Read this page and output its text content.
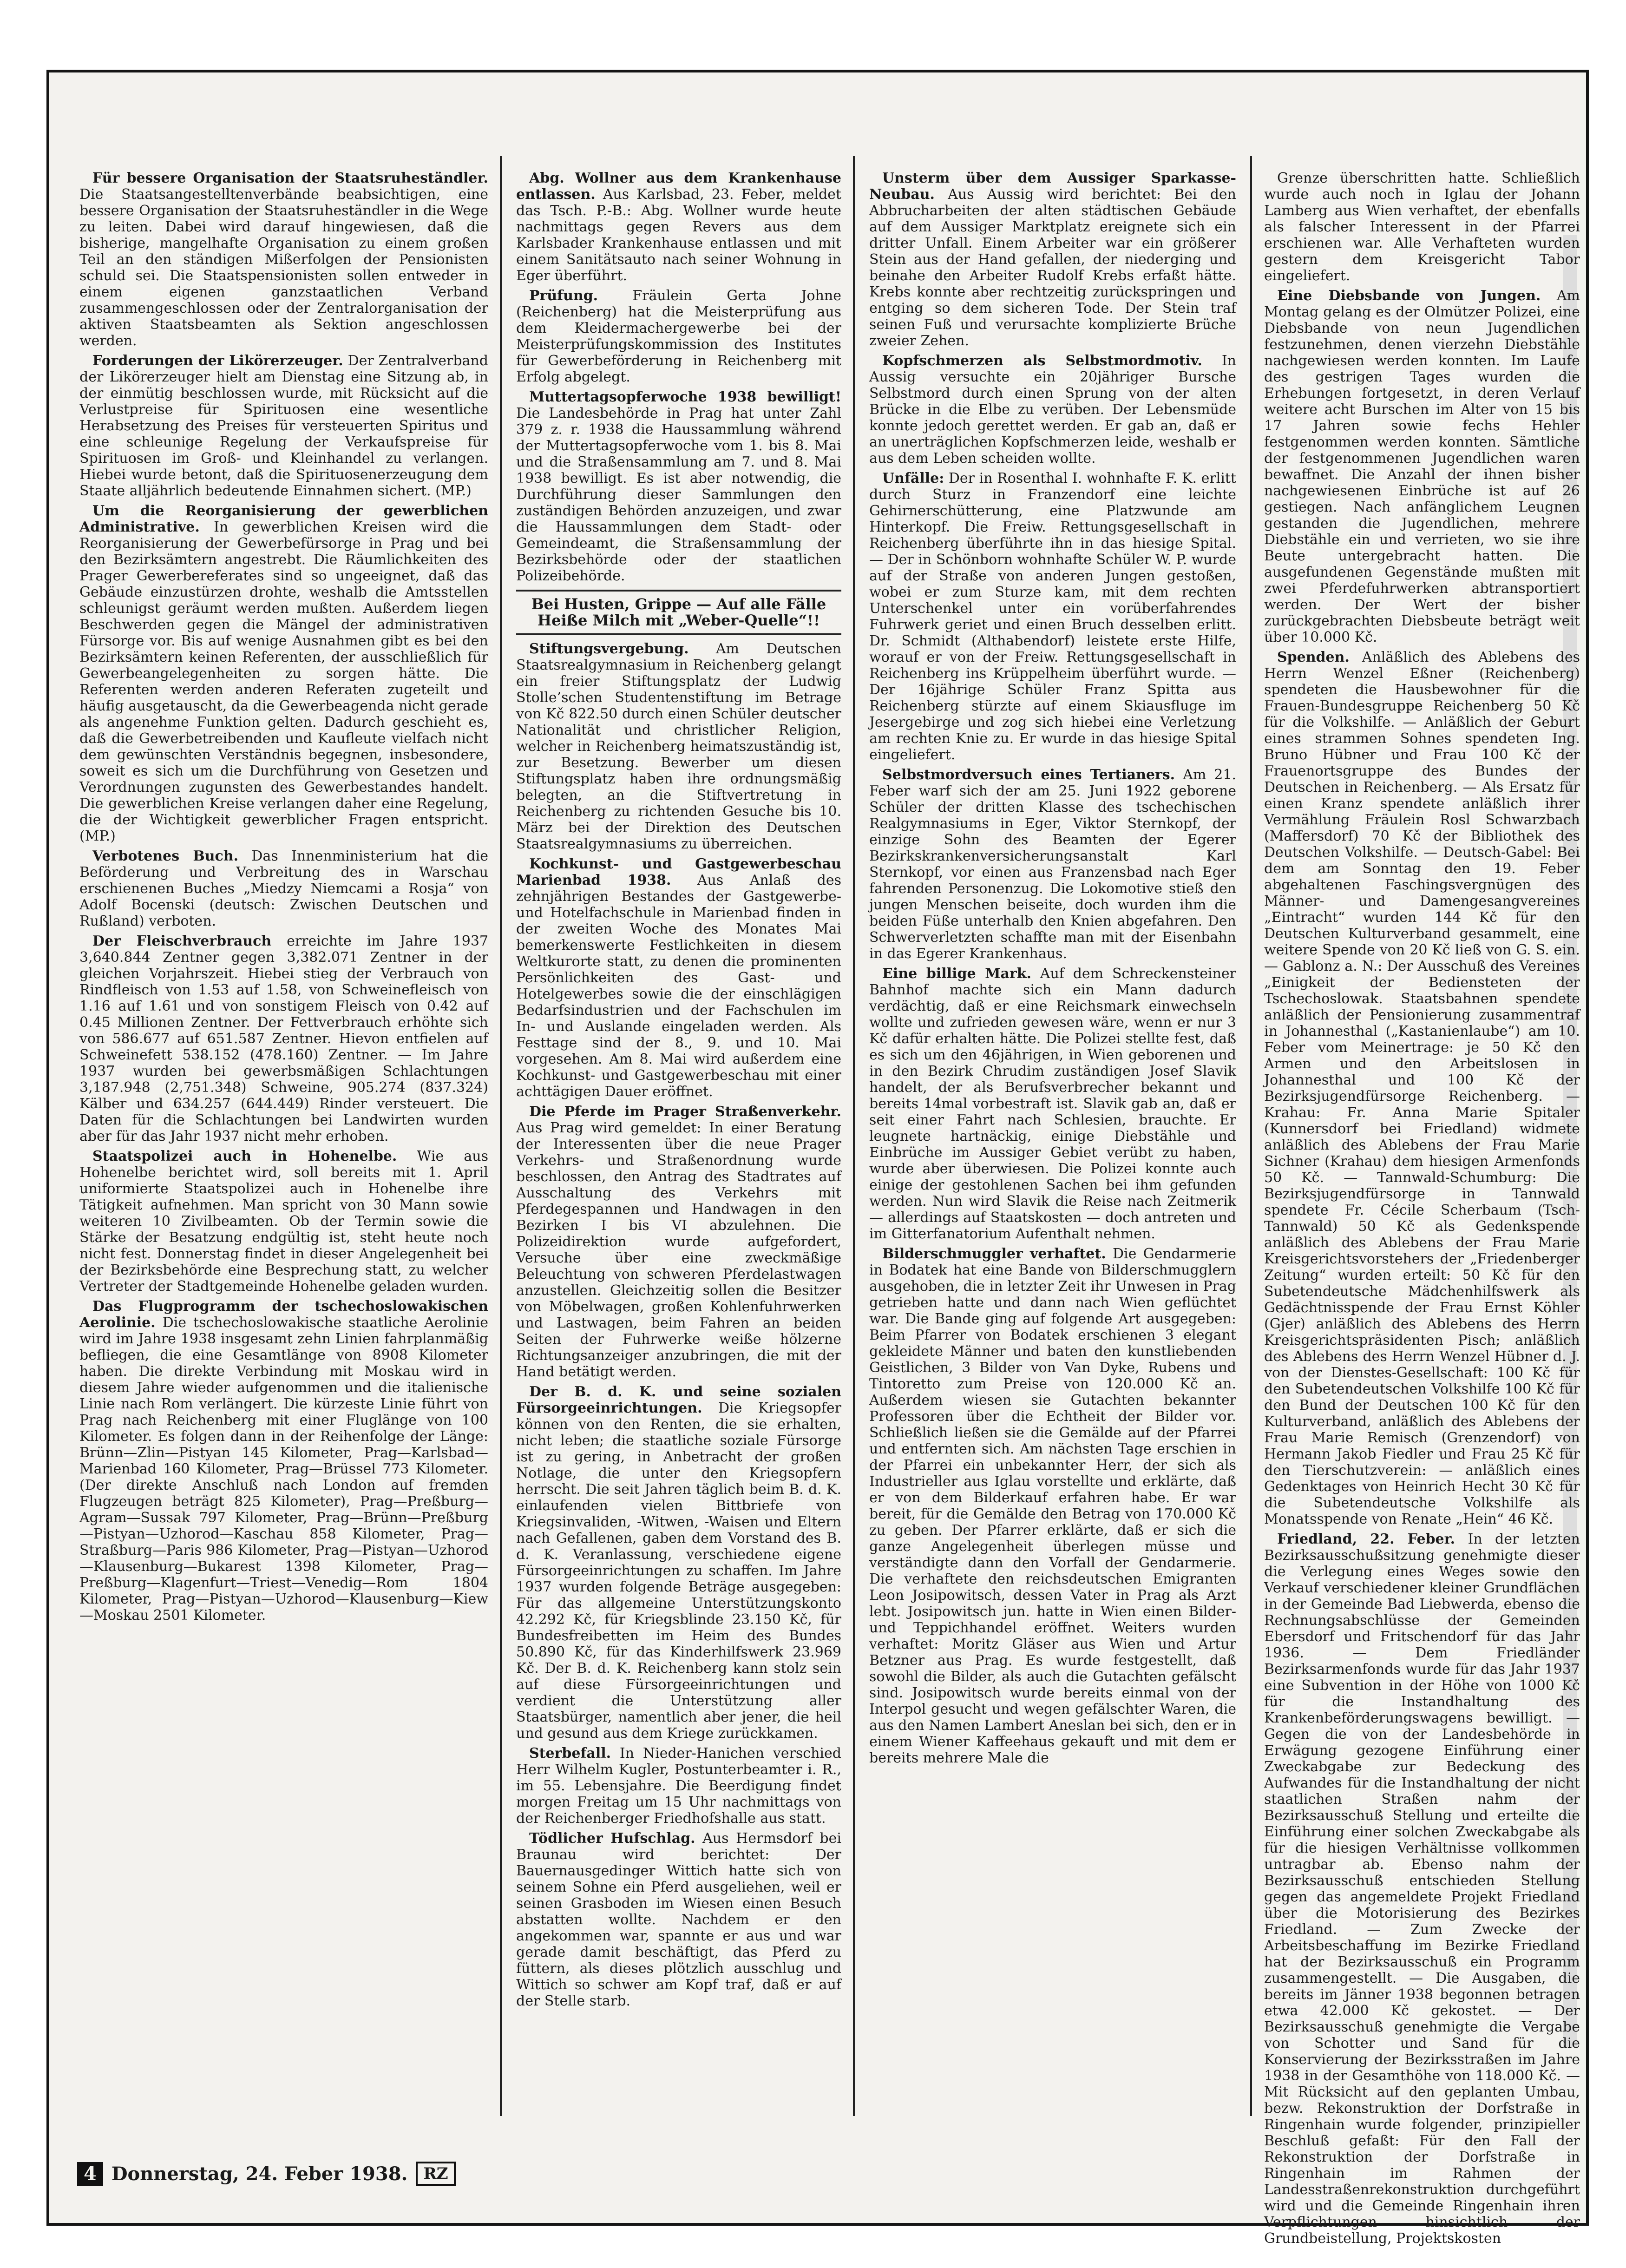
Für bessere Organisation der Staatsruheständler. Die Staatsangestelltenverbände beabsichtigen, eine bessere Organisation der Staatsruheständler in die Wege zu leiten. Dabei wird darauf hingewiesen, daß die bisherige, mangelhafte Organisation zu einem großen Teil an den ständigen Mißerfolgen der Pensionisten schuld sei. Die Staatspensionisten sollen entweder in einem eigenen ganzstaatlichen Verband zusammengeschlossen oder der Zentralorganisation der aktiven Staatsbeamten als Sektion angeschlossen werden.

Forderungen der Likörerzeuger. Der Zentralverband der Likörerzeuger hielt am Dienstag eine Sitzung ab, in der einmütig beschlossen wurde, mit Rücksicht auf die Verlustpreise für Spirituosen eine wesentliche Herabsetzung des Preises für versteuerten Spiritus und eine schleunige Regelung der Verkaufspreise für Spirituosen im Groß- und Kleinhandel zu verlangen. Hiebei wurde betont, daß die Spirituosenerzeugung dem Staate alljährlich bedeutende Einnahmen sichert. (MP.)

Um die Reorganisierung der gewerblichen Administrative. In gewerblichen Kreisen wird die Reorganisierung der Gewerbefürsorge in Prag und bei den Bezirksämtern angestrebt. Die Räumlichkeiten des Prager Gewerbereferates sind so ungeeignet, daß das Gebäude einzustürzen drohte, weshalb die Amtsstellen schleunigst geräumt werden mußten. Außerdem liegen Beschwerden gegen die Mängel der administrativen Fürsorge vor. Bis auf wenige Ausnahmen gibt es bei den Bezirksämtern keinen Referenten, der ausschließlich für Gewerbeangelegenheiten zu sorgen hätte. Die Referenten werden anderen Referaten zugeteilt und häufig ausgetauscht, da die Gewerbeagenda nicht gerade als angenehme Funktion gelten. Dadurch geschieht es, daß die Gewerbetreibenden und Kaufleute vielfach nicht dem gewünschten Verständnis begegnen, insbesondere, soweit es sich um die Durchführung von Gesetzen und Verordnungen zugunsten des Gewerbestandes handelt. Die gewerblichen Kreise verlangen daher eine Regelung, die der Wichtigkeit gewerblicher Fragen entspricht. (MP.)

Verbotenes Buch. Das Innenministerium hat die Beförderung und Verbreitung des in Warschau erschienenen Buches „Miedzy Niemcami a Rosja“ von Adolf Bocenski (deutsch: Zwischen Deutschen und Rußland) verboten.

Der Fleischverbrauch erreichte im Jahre 1937 3,640.844 Zentner gegen 3,382.071 Zentner in der gleichen Vorjahrszeit. Hiebei stieg der Verbrauch von Rindfleisch von 1.53 auf 1.58, von Schweinefleisch von 1.16 auf 1.61 und von sonstigem Fleisch von 0.42 auf 0.45 Millionen Zentner. Der Fettverbrauch erhöhte sich von 586.677 auf 651.587 Zentner. Hievon entfielen auf Schweinefett 538.152 (478.160) Zentner. — Im Jahre 1937 wurden bei gewerbsmäßigen Schlachtungen 3,187.948 (2,751.348) Schweine, 905.274 (837.324) Kälber und 634.257 (644.449) Rinder versteuert. Die Daten für die Schlachtungen bei Landwirten wurden aber für das Jahr 1937 nicht mehr erhoben.

Staatspolizei auch in Hohenelbe. Wie aus Hohenelbe berichtet wird, soll bereits mit 1. April uniformierte Staatspolizei auch in Hohenelbe ihre Tätigkeit aufnehmen. Man spricht von 30 Mann sowie weiteren 10 Zivilbeamten. Ob der Termin sowie die Stärke der Besatzung endgültig ist, steht heute noch nicht fest. Donnerstag findet in dieser Angelegenheit bei der Bezirksbehörde eine Besprechung statt, zu welcher Vertreter der Stadtgemeinde Hohenelbe geladen wurden.

Das Flugprogramm der tschechoslowakischen Aerolinie. Die tschechoslowakische staatliche Aerolinie wird im Jahre 1938 insgesamt zehn Linien fahrplanmäßig befliegen, die eine Gesamtlänge von 8908 Kilometer haben. Die direkte Verbindung mit Moskau wird in diesem Jahre wieder aufgenommen und die italienische Linie nach Rom verlängert. Die kürzeste Linie führt von Prag nach Reichenberg mit einer Fluglänge von 100 Kilometer. Es folgen dann in der Reihenfolge der Länge: Brünn—Zlin—Pistyan 145 Kilometer, Prag—Karlsbad—Marienbad 160 Kilometer, Prag—Brüssel 773 Kilometer. (Der direkte Anschluß nach London auf fremden Flugzeugen beträgt 825 Kilometer), Prag—Preßburg—Agram—Sussak 797 Kilometer, Prag—Brünn—Preßburg—Pistyan—Uzhorod—Kaschau 858 Kilometer, Prag—Straßburg—Paris 986 Kilometer, Prag—Pistyan—Uzhorod—Klausenburg—Bukarest 1398 Kilometer, Prag—Preßburg—Klagenfurt—Triest—Venedig—Rom 1804 Kilometer, Prag—Pistyan—Uzhorod—Klausenburg—Kiew—Moskau 2501 Kilometer.

Abg. Wollner aus dem Krankenhause entlassen. Aus Karlsbad, 23. Feber, meldet das Tsch. P.-B.: Abg. Wollner wurde heute nachmittags gegen Revers aus dem Karlsbader Krankenhause entlassen und mit einem Sanitätsauto nach seiner Wohnung in Eger überführt.

Prüfung. Fräulein Gerta Johne (Reichenberg) hat die Meisterprüfung aus dem Kleidermachergewerbe bei der Meisterprüfungskommission des Institutes für Gewerbeförderung in Reichenberg mit Erfolg abgelegt.

Muttertagsopferwoche 1938 bewilligt! Die Landesbehörde in Prag hat unter Zahl 379 z. r. 1938 die Haussammlung während der Muttertagsopferwoche vom 1. bis 8. Mai und die Straßensammlung am 7. und 8. Mai 1938 bewilligt. Es ist aber notwendig, die Durchführung dieser Sammlungen den zuständigen Behörden anzuzeigen, und zwar die Haussammlungen dem Stadt- oder Gemeindeamt, die Straßensammlung der Bezirksbehörde oder der staatlichen Polizeibehörde.

Bei Husten, Grippe — Auf alle Fälle Heiße Milch mit „Weber-Quelle“!!

Stiftungsvergebung. Am Deutschen Staatsrealgymnasium in Reichenberg gelangt ein freier Stiftungsplatz der Ludwig Stolle’schen Studentenstiftung im Betrage von Kč 822.50 durch einen Schüler deutscher Nationalität und christlicher Religion, welcher in Reichenberg heimatszuständig ist, zur Besetzung. Bewerber um diesen Stiftungsplatz haben ihre ordnungsmäßig belegten, an die Stiftvertretung in Reichenberg zu richtenden Gesuche bis 10. März bei der Direktion des Deutschen Staatsrealgymnasiums zu überreichen.

Kochkunst- und Gastgewerbeschau Marienbad 1938. Aus Anlaß des zehnjährigen Bestandes der Gastgewerbe- und Hotelfachschule in Marienbad finden in der zweiten Woche des Monates Mai bemerkenswerte Festlichkeiten in diesem Weltkurorte statt, zu denen die prominenten Persönlichkeiten des Gast- und Hotelgewerbes sowie die der einschlägigen Bedarfsindustrien und der Fachschulen im In- und Auslande eingeladen werden. Als Festtage sind der 8., 9. und 10. Mai vorgesehen. Am 8. Mai wird außerdem eine Kochkunst- und Gastgewerbeschau mit einer achttägigen Dauer eröffnet.

Die Pferde im Prager Straßenverkehr. Aus Prag wird gemeldet: In einer Beratung der Interessenten über die neue Prager Verkehrs- und Straßenordnung wurde beschlossen, den Antrag des Stadtrates auf Ausschaltung des Verkehrs mit Pferdegespannen und Handwagen in den Bezirken I bis VI abzulehnen. Die Polizeidirektion wurde aufgefordert, Versuche über eine zweckmäßige Beleuchtung von schweren Pferdelastwagen anzustellen. Gleichzeitig sollen die Besitzer von Möbelwagen, großen Kohlenfuhrwerken und Lastwagen, beim Fahren an beiden Seiten der Fuhrwerke weiße hölzerne Richtungsanzeiger anzubringen, die mit der Hand betätigt werden.

Der B. d. K. und seine sozialen Fürsorgeeinrichtungen. Die Kriegsopfer können von den Renten, die sie erhalten, nicht leben; die staatliche soziale Fürsorge ist zu gering, in Anbetracht der großen Notlage, die unter den Kriegsopfern herrscht. Die seit Jahren täglich beim B. d. K. einlaufenden vielen Bittbriefe von Kriegsinvaliden, -Witwen, -Waisen und Eltern nach Gefallenen, gaben dem Vorstand des B. d. K. Veranlassung, verschiedene eigene Fürsorgeeinrichtungen zu schaffen. Im Jahre 1937 wurden folgende Beträge ausgegeben: Für das allgemeine Unterstützungskonto 42.292 Kč, für Kriegsblinde 23.150 Kč, für Bundesfreibetten im Heim des Bundes 50.890 Kč, für das Kinderhilfswerk 23.969 Kč. Der B. d. K. Reichenberg kann stolz sein auf diese Fürsorgeeinrichtungen und verdient die Unterstützung aller Staatsbürger, namentlich aber jener, die heil und gesund aus dem Kriege zurückkamen.

Sterbefall. In Nieder-Hanichen verschied Herr Wilhelm Kugler, Postunterbeamter i. R., im 55. Lebensjahre. Die Beerdigung findet morgen Freitag um 15 Uhr nachmittags von der Reichenberger Friedhofshalle aus statt.

Tödlicher Hufschlag. Aus Hermsdorf bei Braunau wird berichtet: Der Bauernausgedinger Wittich hatte sich von seinem Sohne ein Pferd ausgeliehen, weil er seinen Grasboden im Wiesen einen Besuch abstatten wollte. Nachdem er den angekommen war, spannte er aus und war gerade damit beschäftigt, das Pferd zu füttern, als dieses plötzlich ausschlug und Wittich so schwer am Kopf traf, daß er auf der Stelle starb.

Unsterm über dem Aussiger Sparkasse-Neubau. Aus Aussig wird berichtet: Bei den Abbrucharbeiten der alten städtischen Gebäude auf dem Aussiger Marktplatz ereignete sich ein dritter Unfall. Einem Arbeiter war ein größerer Stein aus der Hand gefallen, der niederging und beinahe den Arbeiter Rudolf Krebs erfaßt hätte. Krebs konnte aber rechtzeitig zurückspringen und entging so dem sicheren Tode. Der Stein traf seinen Fuß und verursachte komplizierte Brüche zweier Zehen.

Kopfschmerzen als Selbstmordmotiv. In Aussig versuchte ein 20jähriger Bursche Selbstmord durch einen Sprung von der alten Brücke in die Elbe zu verüben. Der Lebensmüde konnte jedoch gerettet werden. Er gab an, daß er an unerträglichen Kopfschmerzen leide, weshalb er aus dem Leben scheiden wollte.

Unfälle: Der in Rosenthal I. wohnhafte F. K. erlitt durch Sturz in Franzendorf eine leichte Gehirnerschütterung, eine Platzwunde am Hinterkopf. Die Freiw. Rettungsgesellschaft in Reichenberg überführte ihn in das hiesige Spital. — Der in Schönborn wohnhafte Schüler W. P. wurde auf der Straße von anderen Jungen gestoßen, wobei er zum Sturze kam, mit dem rechten Unterschenkel unter ein vorüberfahrendes Fuhrwerk geriet und einen Bruch desselben erlitt. Dr. Schmidt (Althabendorf) leistete erste Hilfe, worauf er von der Freiw. Rettungsgesellschaft in Reichenberg ins Krüppelheim überführt wurde. — Der 16jährige Schüler Franz Spitta aus Reichenberg stürzte auf einem Skiausfluge im Jesergebirge und zog sich hiebei eine Verletzung am rechten Knie zu. Er wurde in das hiesige Spital eingeliefert.

Selbstmordversuch eines Tertianers. Am 21. Feber warf sich der am 25. Juni 1922 geborene Schüler der dritten Klasse des tschechischen Realgymnasiums in Eger, Viktor Sternkopf, der einzige Sohn des Beamten der Egerer Bezirkskrankenversicherungsanstalt Karl Sternkopf, vor einen aus Franzensbad nach Eger fahrenden Personenzug. Die Lokomotive stieß den jungen Menschen beiseite, doch wurden ihm die beiden Füße unterhalb den Knien abgefahren. Den Schwerverletzten schaffte man mit der Eisenbahn in das Egerer Krankenhaus.

Eine billige Mark. Auf dem Schreckensteiner Bahnhof machte sich ein Mann dadurch verdächtig, daß er eine Reichsmark einwechseln wollte und zufrieden gewesen wäre, wenn er nur 3 Kč dafür erhalten hätte. Die Polizei stellte fest, daß es sich um den 46jährigen, in Wien geborenen und in den Bezirk Chrudim zuständigen Josef Slavik handelt, der als Berufsverbrecher bekannt und bereits 14mal vorbestraft ist. Slavik gab an, daß er seit einer Fahrt nach Schlesien, brauchte. Er leugnete hartnäckig, einige Diebstähle und Einbrüche im Aussiger Gebiet verübt zu haben, wurde aber überwiesen. Die Polizei konnte auch einige der gestohlenen Sachen bei ihm gefunden werden. Nun wird Slavik die Reise nach Zeitmerik — allerdings auf Staatskosten — doch antreten und im Gitterfanatorium Aufenthalt nehmen.

Bilderschmuggler verhaftet. Die Gendarmerie in Bodatek hat eine Bande von Bilderschmugglern ausgehoben, die in letzter Zeit ihr Unwesen in Prag getrieben hatte und dann nach Wien geflüchtet war. Die Bande ging auf folgende Art ausgegeben: Beim Pfarrer von Bodatek erschienen 3 elegant gekleidete Männer und baten den kunstliebenden Geistlichen, 3 Bilder von Van Dyke, Rubens und Tintoretto zum Preise von 120.000 Kč an. Außerdem wiesen sie Gutachten bekannter Professoren über die Echtheit der Bilder vor. Schließlich ließen sie die Gemälde auf der Pfarrei und entfernten sich. Am nächsten Tage erschien in der Pfarrei ein unbekannter Herr, der sich als Industrieller aus Iglau vorstellte und erklärte, daß er von dem Bilderkauf erfahren habe. Er war bereit, für die Gemälde den Betrag von 170.000 Kč zu geben. Der Pfarrer erklärte, daß er sich die ganze Angelegenheit überlegen müsse und verständigte dann den Vorfall der Gendarmerie. Die verhaftete den reichsdeutschen Emigranten Leon Josipowitsch, dessen Vater in Prag als Arzt lebt. Josipowitsch jun. hatte in Wien einen Bilder- und Teppichhandel eröffnet. Weiters wurden verhaftet: Moritz Gläser aus Wien und Artur Betzner aus Prag. Es wurde festgestellt, daß sowohl die Bilder, als auch die Gutachten gefälscht sind. Josipowitsch wurde bereits einmal von der Interpol gesucht und wegen gefälschter Waren, die aus den Namen Lambert Aneslan bei sich, den er in einem Wiener Kaffeehaus gekauft und mit dem er bereits mehrere Male die

Grenze überschritten hatte. Schließlich wurde auch noch in Iglau der Johann Lamberg aus Wien verhaftet, der ebenfalls als falscher Interessent in der Pfarrei erschienen war. Alle Verhafteten wurden gestern dem Kreisgericht Tabor eingeliefert.

Eine Diebsbande von Jungen. Am Montag gelang es der Olmützer Polizei, eine Diebsbande von neun Jugendlichen festzunehmen, denen vierzehn Diebstähle nachgewiesen werden konnten. Im Laufe des gestrigen Tages wurden die Erhebungen fortgesetzt, in deren Verlauf weitere acht Burschen im Alter von 15 bis 17 Jahren sowie fechs Hehler festgenommen werden konnten. Sämtliche der festgenommenen Jugendlichen waren bewaffnet. Die Anzahl der ihnen bisher nachgewiesenen Einbrüche ist auf 26 gestiegen. Nach anfänglichem Leugnen gestanden die Jugendlichen, mehrere Diebstähle ein und verrieten, wo sie ihre Beute untergebracht hatten. Die ausgefundenen Gegenstände mußten mit zwei Pferdefuhrwerken abtransportiert werden. Der Wert der bisher zurückgebrachten Diebsbeute beträgt weit über 10.000 Kč.

Spenden. Anläßlich des Ablebens des Herrn Wenzel Eßner (Reichenberg) spendeten die Hausbewohner für die Frauen-Bundesgruppe Reichenberg 50 Kč für die Volkshilfe. — Anläßlich der Geburt eines strammen Sohnes spendeten Ing. Bruno Hübner und Frau 100 Kč der Frauenortsgruppe des Bundes der Deutschen in Reichenberg. — Als Ersatz für einen Kranz spendete anläßlich ihrer Vermählung Fräulein Rosl Schwarzbach (Maffersdorf) 70 Kč der Bibliothek des Deutschen Volkshilfe. — Deutsch-Gabel: Bei dem am Sonntag den 19. Feber abgehaltenen Faschingsvergnügen des Männer- und Damengesangvereines „Eintracht“ wurden 144 Kč für den Deutschen Kulturverband gesammelt, eine weitere Spende von 20 Kč ließ von G. S. ein. — Gablonz a. N.: Der Ausschuß des Vereines „Einigkeit der Bediensteten der Tschechoslowak. Staatsbahnen spendete anläßlich der Pensionierung zusammentraf in Johannesthal („Kastanienlaube“) am 10. Feber vom Meinertrage: je 50 Kč den Armen und den Arbeitslosen in Johannesthal und 100 Kč der Bezirksjugendfürsorge Reichenberg. — Krahau: Fr. Anna Marie Spitaler (Kunnersdorf bei Friedland) widmete anläßlich des Ablebens der Frau Marie Sichner (Krahau) dem hiesigen Armenfonds 50 Kč. — Tannwald-Schumburg: Die Bezirksjugendfürsorge in Tannwald spendete Fr. Cécile Scherbaum (Tsch-Tannwald) 50 Kč als Gedenkspende anläßlich des Ablebens der Frau Marie Kreisgerichtsvorstehers der „Friedenberger Zeitung“ wurden erteilt: 50 Kč für den Subetendeutsche Mädchenhilfswerk als Gedächtnisspende der Frau Ernst Köhler (Gjer) anläßlich des Ablebens des Herrn Kreisgerichtspräsidenten Pisch; anläßlich des Ablebens des Herrn Wenzel Hübner d. J. von der Dienstes-Gesellschaft: 100 Kč für den Subetendeutschen Volkshilfe 100 Kč für den Bund der Deutschen 100 Kč für den Kulturverband, anläßlich des Ablebens der Frau Marie Remisch (Grenzendorf) von Hermann Jakob Fiedler und Frau 25 Kč für den Tierschutzverein: — anläßlich eines Gedenktages von Heinrich Hecht 30 Kč für die Subetendeutsche Volkshilfe als Monatsspende von Renate „Hein“ 46 Kč.

Friedland, 22. Feber. In der letzten Bezirksausschußsitzung genehmigte dieser die Verlegung eines Weges sowie den Verkauf verschiedener kleiner Grundflächen in der Gemeinde Bad Liebwerda, ebenso die Rechnungsabschlüsse der Gemeinden Ebersdorf und Fritschendorf für das Jahr 1936. — Dem Friedländer Bezirksarmenfonds wurde für das Jahr 1937 eine Subvention in der Höhe von 1000 Kč für die Instandhaltung des Krankenbeförderungswagens bewilligt. — Gegen die von der Landesbehörde in Erwägung gezogene Einführung einer Zweckabgabe zur Bedeckung des Aufwandes für die Instandhaltung der nicht staatlichen Straßen nahm der Bezirksausschuß Stellung und erteilte die Einführung einer solchen Zweckabgabe als für die hiesigen Verhältnisse vollkommen untragbar ab. Ebenso nahm der Bezirksausschuß entschieden Stellung gegen das angemeldete Projekt Friedland über die Motorisierung des Bezirkes Friedland. — Zum Zwecke der Arbeitsbeschaffung im Bezirke Friedland hat der Bezirksausschuß ein Programm zusammengestellt. — Die Ausgaben, die bereits im Jänner 1938 begonnen betragen etwa 42.000 Kč gekostet. — Der Bezirksausschuß genehmigte die Vergabe von Schotter und Sand für die Konservierung der Bezirksstraßen im Jahre 1938 in der Gesamthöhe von 118.000 Kč. — Mit Rücksicht auf den geplanten Umbau, bezw. Rekonstruktion der Dorfstraße in Ringenhain wurde folgender, prinzipieller Beschluß gefaßt: Für den Fall der Rekonstruktion der Dorfstraße in Ringenhain im Rahmen der Landesstraßenrekonstruktion durchgeführt wird und die Gemeinde Ringenhain ihren Verpflichtungen hinsichtlich der Grundbeistellung, Projektskosten

4 Donnerstag, 24. Feber 1938.	RZ
